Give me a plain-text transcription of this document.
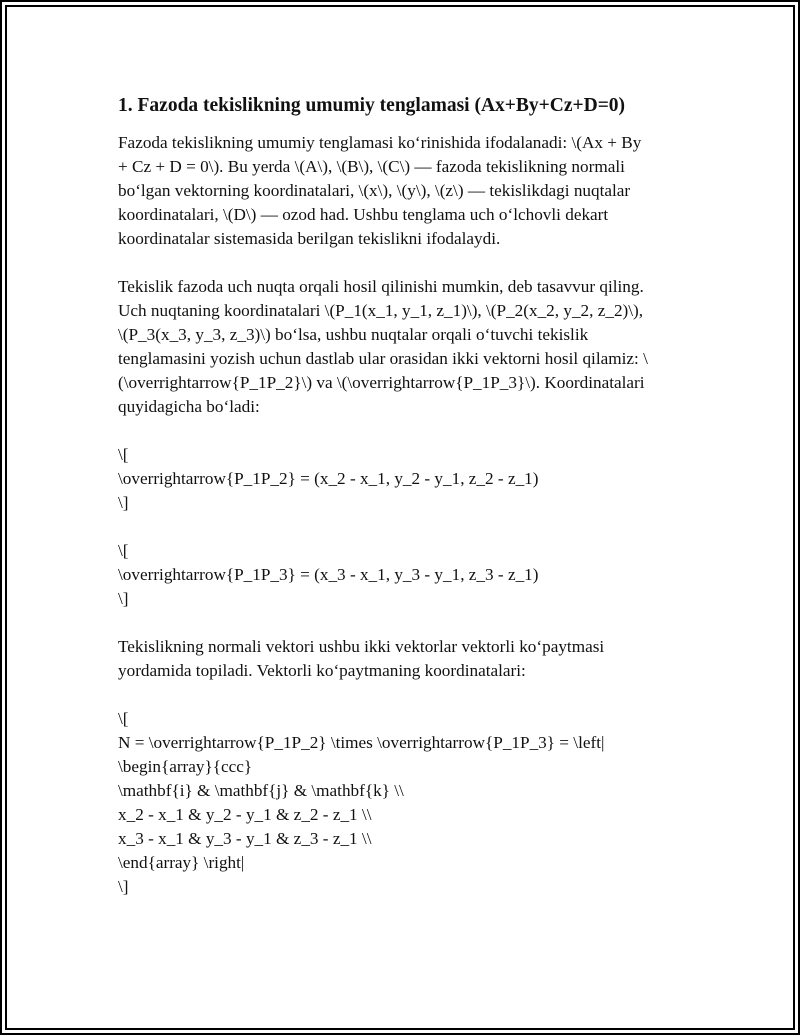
1. Fazoda tekislikning umumiy tenglamasi (Ax+By+Cz+D=0)
Fazoda tekislikning umumiy tenglamasi ko‘rinishida ifodalanadi: \(Ax + By
+ Cz + D = 0\). Bu yerda \(A\), \(B\), \(C\) — fazoda tekislikning normali
bo‘lgan vektorning koordinatalari, \(x\), \(y\), \(z\) — tekislikdagi nuqtalar
koordinatalari, \(D\) — ozod had. Ushbu tenglama uch o‘lchovli dekart
koordinatalar sistemasida berilgan tekislikni ifodalaydi.
Tekislik fazoda uch nuqta orqali hosil qilinishi mumkin, deb tasavvur qiling.
Uch nuqtaning koordinatalari \(P_1(x_1, y_1, z_1)\), \(P_2(x_2, y_2, z_2)\),
\(P_3(x_3, y_3, z_3)\) bo‘lsa, ushbu nuqtalar orqali o‘tuvchi tekislik
tenglamasini yozish uchun dastlab ular orasidan ikki vektorni hosil qilamiz: \
(\overrightarrow{P_1P_2}\) va \(\overrightarrow{P_1P_3}\). Koordinatalari
quyidagicha bo‘ladi:
\[
\overrightarrow{P_1P_2} = (x_2 - x_1, y_2 - y_1, z_2 - z_1)
\]
\[
\overrightarrow{P_1P_3} = (x_3 - x_1, y_3 - y_1, z_3 - z_1)
\]
Tekislikning normali vektori ushbu ikki vektorlar vektorli ko‘paytmasi
yordamida topiladi. Vektorli ko‘paytmaning koordinatalari:
\[
N = \overrightarrow{P_1P_2} \times \overrightarrow{P_1P_3} = \left|
\begin{array}{ccc}
\mathbf{i} & \mathbf{j} & \mathbf{k} \\
x_2 - x_1 & y_2 - y_1 & z_2 - z_1 \\
x_3 - x_1 & y_3 - y_1 & z_3 - z_1 \\
\end{array} \right|
\]
